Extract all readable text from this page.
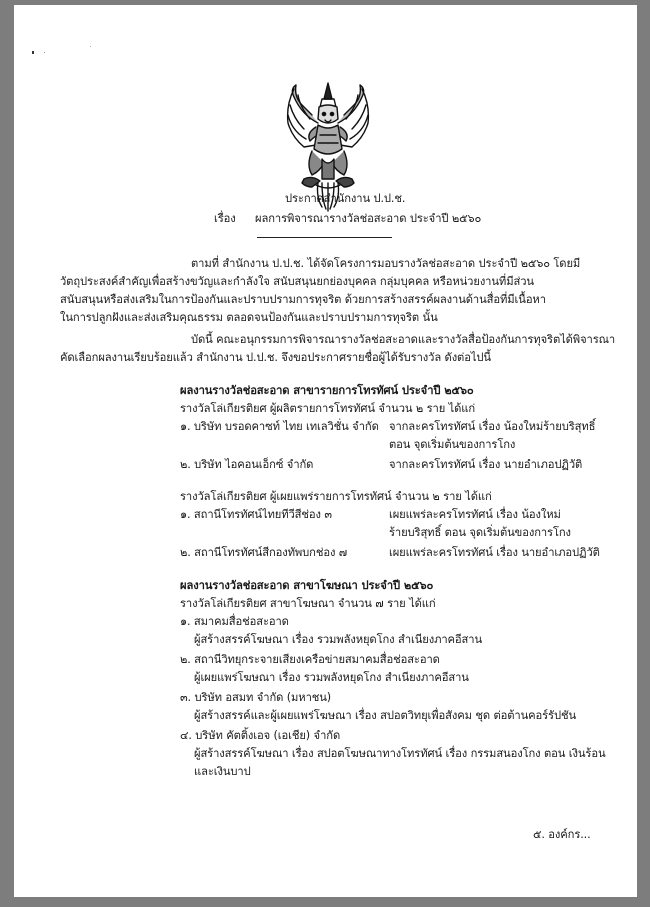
ประกาศสำนักงาน ป.ป.ช.
เรื่อง ผลการพิจารณารางวัลช่อสะอาด ประจำปี ๒๕๖๐
ตามที่ สำนักงาน ป.ป.ช. ได้จัดโครงการมอบรางวัลช่อสะอาด ประจำปี ๒๕๖๐ โดยมี
วัตถุประสงค์สำคัญเพื่อสร้างขวัญและกำลังใจ สนับสนุนยกย่องบุคคล กลุ่มบุคคล หรือหน่วยงานที่มีส่วน
สนับสนุนหรือส่งเสริมในการป้องกันและปราบปรามการทุจริต ด้วยการสร้างสรรค์ผลงานด้านสื่อที่มีเนื้อหา
ในการปลูกฝังและส่งเสริมคุณธรรม ตลอดจนป้องกันและปราบปรามการทุจริต นั้น
บัดนี้ คณะอนุกรรมการพิจารณารางวัลช่อสะอาดและรางวัลสื่อป้องกันการทุจริตได้พิจารณา
คัดเลือกผลงานเรียบร้อยแล้ว สำนักงาน ป.ป.ช. จึงขอประกาศรายชื่อผู้ได้รับรางวัล ดังต่อไปนี้
ผลงานรางวัลช่อสะอาด สาขารายการโทรทัศน์ ประจำปี ๒๕๖๐
รางวัลโล่เกียรติยศ ผู้ผลิตรายการโทรทัศน์ จำนวน ๒ ราย ได้แก่
๑. บริษัท บรอดคาซท์ ไทย เทเลวิชั่น จำกัด จากละครโทรทัศน์ เรื่อง น้องใหม่ร้ายบริสุทธิ์
ตอน จุดเริ่มต้นของการโกง
๒. บริษัท ไอคอนเอ็กซ์ จำกัด	จากละครโทรทัศน์ เรื่อง นายอำเภอปฏิวัติ
รางวัลโล่เกียรติยศ ผู้เผยแพร่รายการโทรทัศน์ จำนวน ๒ ราย ได้แก่
๑. สถานีโทรทัศน์ไทยทีวีสีช่อง ๓	เผยแพร่ละครโทรทัศน์ เรื่อง น้องใหม่
ร้ายบริสุทธิ์ ตอน จุดเริ่มต้นของการโกง
๒. สถานีโทรทัศน์สีกองทัพบกช่อง ๗	เผยแพร่ละครโทรทัศน์ เรื่อง นายอำเภอปฏิวัติ
ผลงานรางวัลช่อสะอาด สาขาโฆษณา ประจำปี ๒๕๖๐
รางวัลโล่เกียรติยศ สาขาโฆษณา จำนวน ๗ ราย ได้แก่
๑. สมาคมสื่อช่อสะอาด
ผู้สร้างสรรค์โฆษณา เรื่อง รวมพลังหยุดโกง สำเนียงภาคอีสาน
๒. สถานีวิทยุกระจายเสียงเครือข่ายสมาคมสื่อช่อสะอาด
ผู้เผยแพร่โฆษณา เรื่อง รวมพลังหยุดโกง สำเนียงภาคอีสาน
๓. บริษัท อสมท จำกัด (มหาชน)
ผู้สร้างสรรค์และผู้เผยแพร่โฆษณา เรื่อง สปอตวิทยุเพื่อสังคม ชุด ต่อต้านคอร์รัปชัน
๔. บริษัท คัตติ้งเอจ (เอเชีย) จำกัด
ผู้สร้างสรรค์โฆษณา เรื่อง สปอตโฆษณาทางโทรทัศน์ เรื่อง กรรมสนองโกง ตอน เงินร้อน
และเงินบาป
๕. องค์กร...
